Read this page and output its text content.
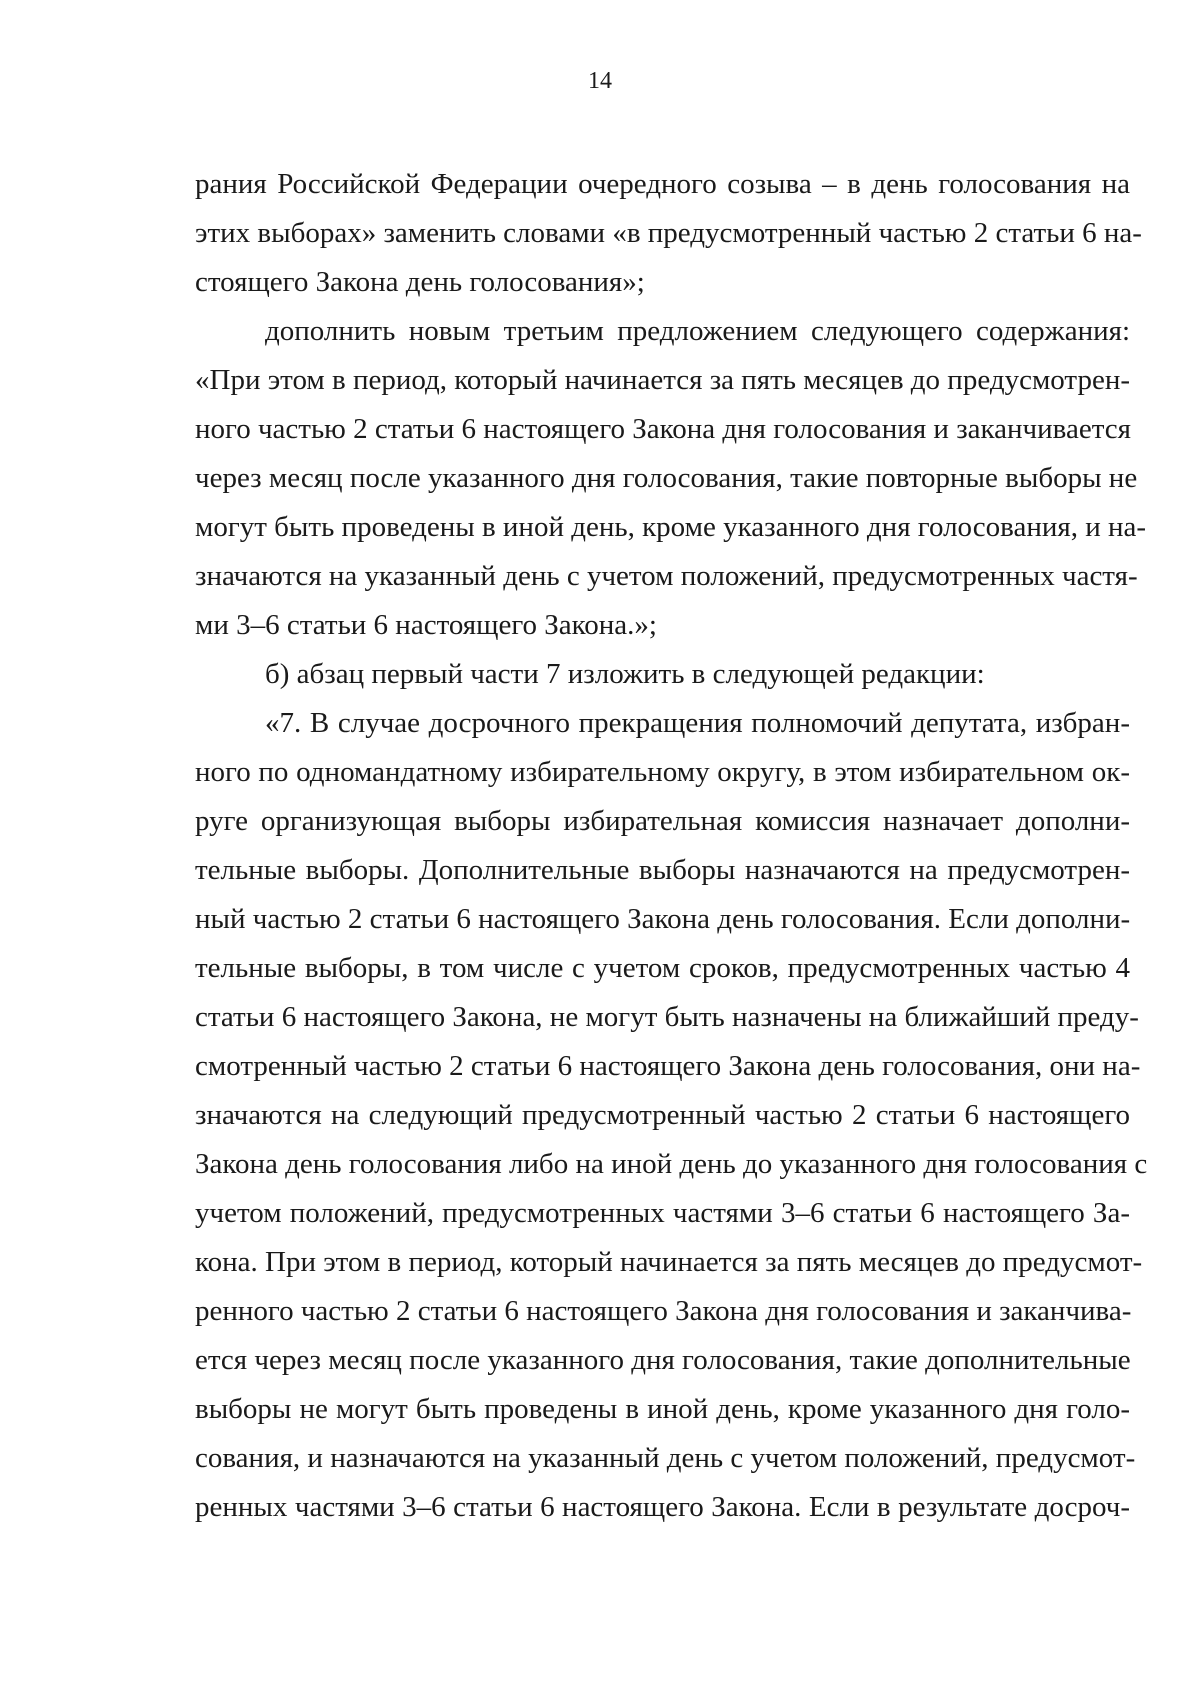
14
рания Российской Федерации очередного созыва – в день голосования на
этих выборах» заменить словами «в предусмотренный частью 2 статьи 6 на-
стоящего Закона день голосования»;
дополнить новым третьим предложением следующего содержания:
«При этом в период, который начинается за пять месяцев до предусмотрен-
ного частью 2 статьи 6 настоящего Закона дня голосования и заканчивается
через месяц после указанного дня голосования, такие повторные выборы не
могут быть проведены в иной день, кроме указанного дня голосования, и на-
значаются на указанный день с учетом положений, предусмотренных частя-
ми 3–6 статьи 6 настоящего Закона.»;
б) абзац первый части 7 изложить в следующей редакции:
«7. В случае досрочного прекращения полномочий депутата, избран-
ного по одномандатному избирательному округу, в этом избирательном ок-
руге организующая выборы избирательная комиссия назначает дополни-
тельные выборы. Дополнительные выборы назначаются на предусмотрен-
ный частью 2 статьи 6 настоящего Закона день голосования. Если дополни-
тельные выборы, в том числе с учетом сроков, предусмотренных частью 4
статьи 6 настоящего Закона, не могут быть назначены на ближайший преду-
смотренный частью 2 статьи 6 настоящего Закона день голосования, они на-
значаются на следующий предусмотренный частью 2 статьи 6 настоящего
Закона день голосования либо на иной день до указанного дня голосования с
учетом положений, предусмотренных частями 3–6 статьи 6 настоящего За-
кона. При этом в период, который начинается за пять месяцев до предусмот-
ренного частью 2 статьи 6 настоящего Закона дня голосования и заканчива-
ется через месяц после указанного дня голосования, такие дополнительные
выборы не могут быть проведены в иной день, кроме указанного дня голо-
сования, и назначаются на указанный день с учетом положений, предусмот-
ренных частями 3–6 статьи 6 настоящего Закона. Если в результате досроч-
